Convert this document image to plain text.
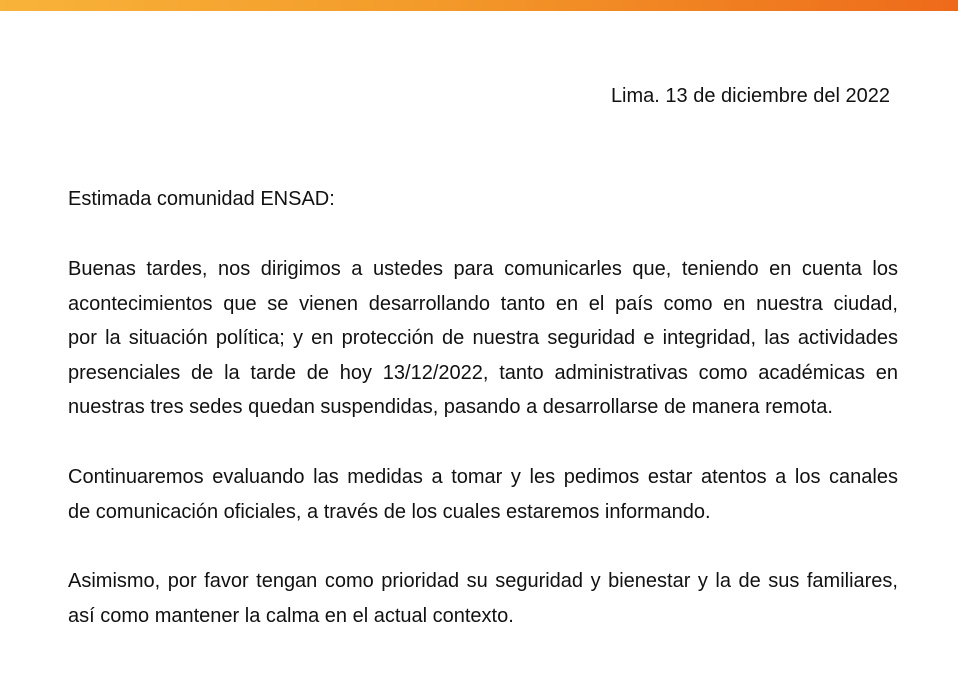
Lima. 13 de diciembre del 2022
Estimada comunidad ENSAD:

Buenas tardes, nos dirigimos a ustedes para comunicarles que, teniendo en cuenta los
acontecimientos que se vienen desarrollando tanto en el país como en nuestra ciudad,
por la situación política; y en protección de nuestra seguridad e integridad, las actividades
presenciales de la tarde de hoy 13/12/2022, tanto administrativas como académicas en
nuestras tres sedes quedan suspendidas, pasando a desarrollarse de manera remota.

Continuaremos evaluando las medidas a tomar y les pedimos estar atentos a los canales
de comunicación oficiales, a través de los cuales estaremos informando.

Asimismo, por favor tengan como prioridad su seguridad y bienestar y la de sus familiares,
así como mantener la calma en el actual contexto.
